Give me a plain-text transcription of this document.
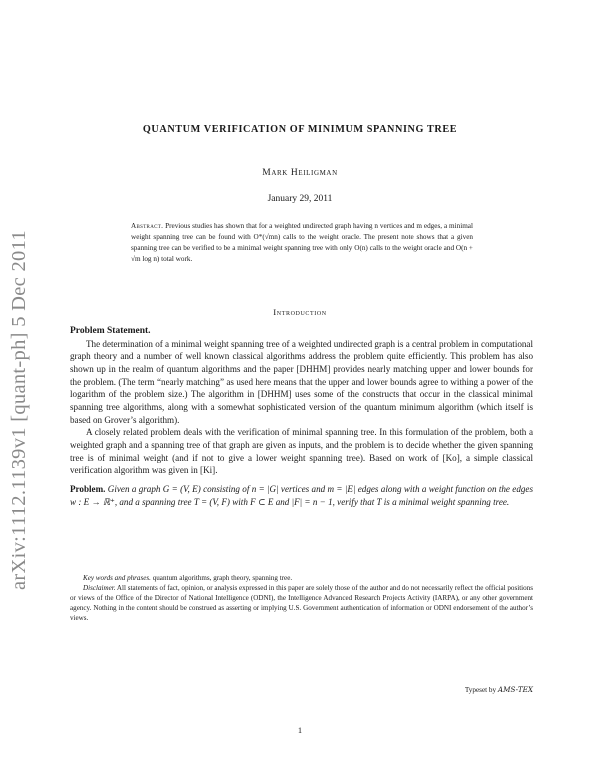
arXiv:1112.1139v1 [quant-ph] 5 Dec 2011
QUANTUM VERIFICATION OF MINIMUM SPANNING TREE
Mark Heiligman
January 29, 2011
Abstract. Previous studies has shown that for a weighted undirected graph having n vertices and m edges, a minimal weight spanning tree can be found with O*(√mn) calls to the weight oracle. The present note shows that a given spanning tree can be verified to be a minimal weight spanning tree with only O(n) calls to the weight oracle and O(n + √m log n) total work.
Introduction

Problem Statement.

The determination of a minimal weight spanning tree of a weighted undirected graph is a central problem in computational graph theory and a number of well known classical algorithms address the problem quite efficiently. This problem has also shown up in the realm of quantum algorithms and the paper [DHHM] provides nearly matching upper and lower bounds for the problem. (The term “nearly matching” as used here means that the upper and lower bounds agree to withing a power of the logarithm of the problem size.) The algorithm in [DHHM] uses some of the constructs that occur in the classical minimal spanning tree algorithms, along with a somewhat sophisticated version of the quantum minimum algorithm (which itself is based on Grover’s algorithm).

A closely related problem deals with the verification of minimal spanning tree. In this formulation of the problem, both a weighted graph and a spanning tree of that graph are given as inputs, and the problem is to decide whether the given spanning tree is of minimal weight (and if not to give a lower weight spanning tree). Based on work of [Ko], a simple classical verification algorithm was given in [Ki].

Problem. Given a graph G = (V, E) consisting of n = |G| vertices and m = |E| edges along with a weight function on the edges w : E → ℝ⁺, and a spanning tree T = (V, F) with F ⊂ E and |F| = n − 1, verify that T is a minimal weight spanning tree.

Key words and phrases. quantum algorithms, graph theory, spanning tree.

Disclaimer. All statements of fact, opinion, or analysis expressed in this paper are solely those of the author and do not necessarily reflect the official positions or views of the Office of the Director of National Intelligence (ODNI), the Intelligence Advanced Research Projects Activity (IARPA), or any other government agency. Nothing in the content should be construed as asserting or implying U.S. Government authentication of information or ODNI endorsement of the author’s views.

Typeset by AMS-TEX
1
